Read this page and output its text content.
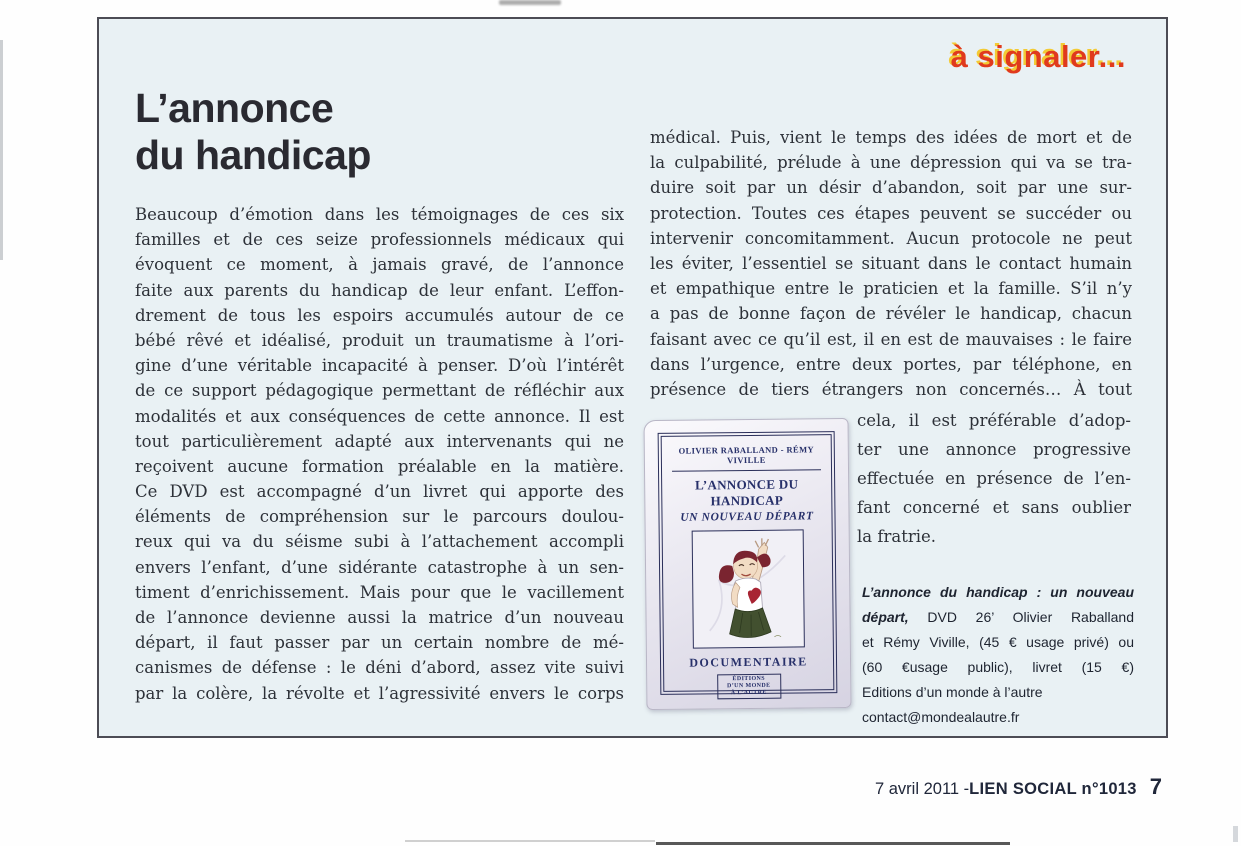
à signaler...
L’annonce
du handicap
Beaucoup d’émotion dans les témoignages de ces six
familles et de ces seize professionnels médicaux qui
évoquent ce moment, à jamais gravé, de l’annonce
faite aux parents du handicap de leur enfant. L’effon-
drement de tous les espoirs accumulés autour de ce
bébé rêvé et idéalisé, produit un traumatisme à l’ori-
gine d’une véritable incapacité à penser. D’où l’intérêt
de ce support pédagogique permettant de réfléchir aux
modalités et aux conséquences de cette annonce. Il est
tout particulièrement adapté aux intervenants qui ne
reçoivent aucune formation préalable en la matière.
Ce DVD est accompagné d’un livret qui apporte des
éléments de compréhension sur le parcours doulou-
reux qui va du séisme subi à l’attachement accompli
envers l’enfant, d’une sidérante catastrophe à un sen-
timent d’enrichissement. Mais pour que le vacillement
de l’annonce devienne aussi la matrice d’un nouveau
départ, il faut passer par un certain nombre de mé-
canismes de défense : le déni d’abord, assez vite suivi
par la colère, la révolte et l’agressivité envers le corps
médical. Puis, vient le temps des idées de mort et de
la culpabilité, prélude à une dépression qui va se tra-
duire soit par un désir d’abandon, soit par une sur-
protection. Toutes ces étapes peuvent se succéder ou
intervenir concomitamment. Aucun protocole ne peut
les éviter, l’essentiel se situant dans le contact humain
et empathique entre le praticien et la famille. S’il n’y
a pas de bonne façon de révéler le handicap, chacun
faisant avec ce qu’il est, il en est de mauvaises : le faire
dans l’urgence, entre deux portes, par téléphone, en
présence de tiers étrangers non concernés… À tout
cela, il est préférable d’adop-
ter une annonce progressive
effectuée en présence de l’en-
fant concerné et sans oublier
la fratrie.
OLIVIER RABALLAND - RÉMY VIVILLE
L’ANNONCE DU HANDICAP
UN NOUVEAU DÉPART
DOCUMENTAIRE
ÉDITIONS
D’UN MONDE
À L’AUTRE
L’annonce du handicap : un nouveau
départ, DVD 26’ Olivier Raballand
et Rémy Viville, (45 € usage privé) ou
(60 €usage public), livret (15 €)
Editions d’un monde à l’autre
contact@mondealautre.fr
7 avril 2011 - LIEN SOCIAL n°1013 7
